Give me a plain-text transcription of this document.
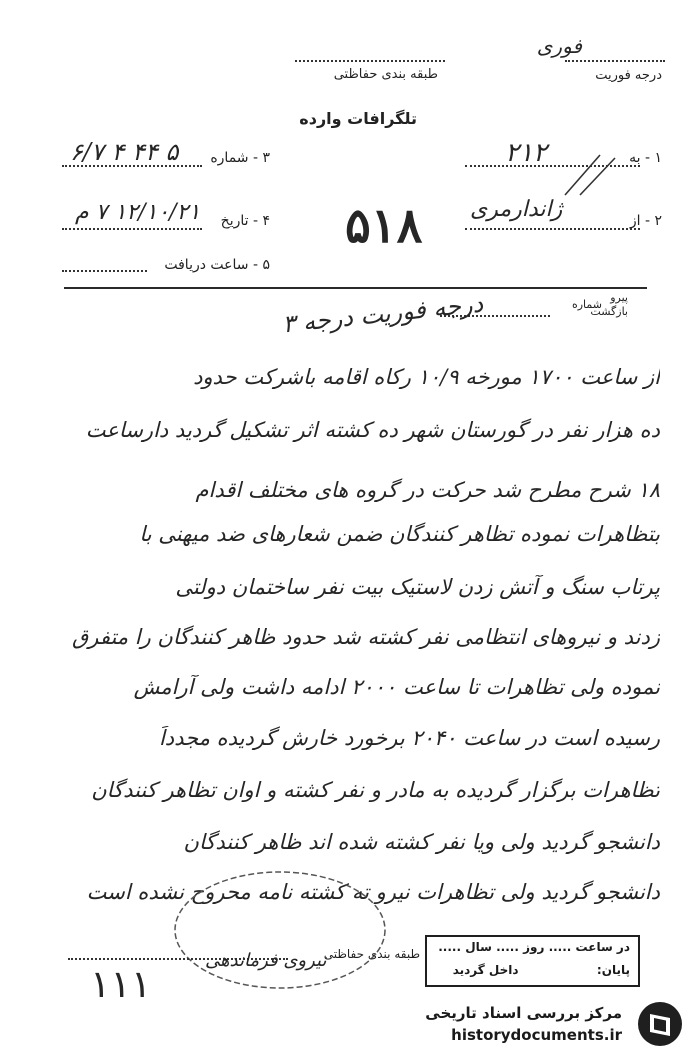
فوری
درجه فوریت
طبقه بندی حفاظتی
تلگرافات وارده
۱ - به
۲۱۲
۳ - شماره
۵ ۴۴ ۴ ۶/۷
۵۱۸	۲ - از
ژاندارمری
۴ - تاریخ
۱۲/۱۰/۲۱ ۷ م
۵ - ساعت دریافت
پیرو
بازگشت
شماره
درجه فوریت درجه ۳
از ساعت ۱۷۰۰ مورخه ۱۰/۹ رکاه اقامه باشرکت حدود
ده هزار نفر در گورستان شهر ده کشته اثر تشکیل گردید دارساعت
۱۸ شرح مطرح شد حرکت در گروه های مختلف اقدام
بتظاهرات نموده تظاهر کنندگان ضمن شعارهای ضد میهنی با
پرتاب سنگ و آتش زدن لاستیک بیت نفر ساختمان دولتی
زدند و نیروهای انتظامی نفر کشته شد حدود ظاهر کنندگان را متفرق
نموده ولی تظاهرات تا ساعت ۲۰۰۰ ادامه داشت ولی آرامش
رسیده است در ساعت ۲۰۴۰ برخورد خارش گردیده مجدداً
تظاهرات برگزار گردیده به مادر و نفر کشته و اوان تظاهر کنندگان
دانشجو گردید ولی ویا نفر کشته شده اند ظاهر کنندگان
دانشجو گردید ولی تظاهرات نیرو ته کشته نامه محروح نشده است
طبقه بندی حفاظتی
۱۱۱
نیروی فرماندهی
در ساعت ..... روز ..... سال .....
پایان:  داخل گردید
مرکز بررسی اسناد تاریخی
historydocuments.ir
